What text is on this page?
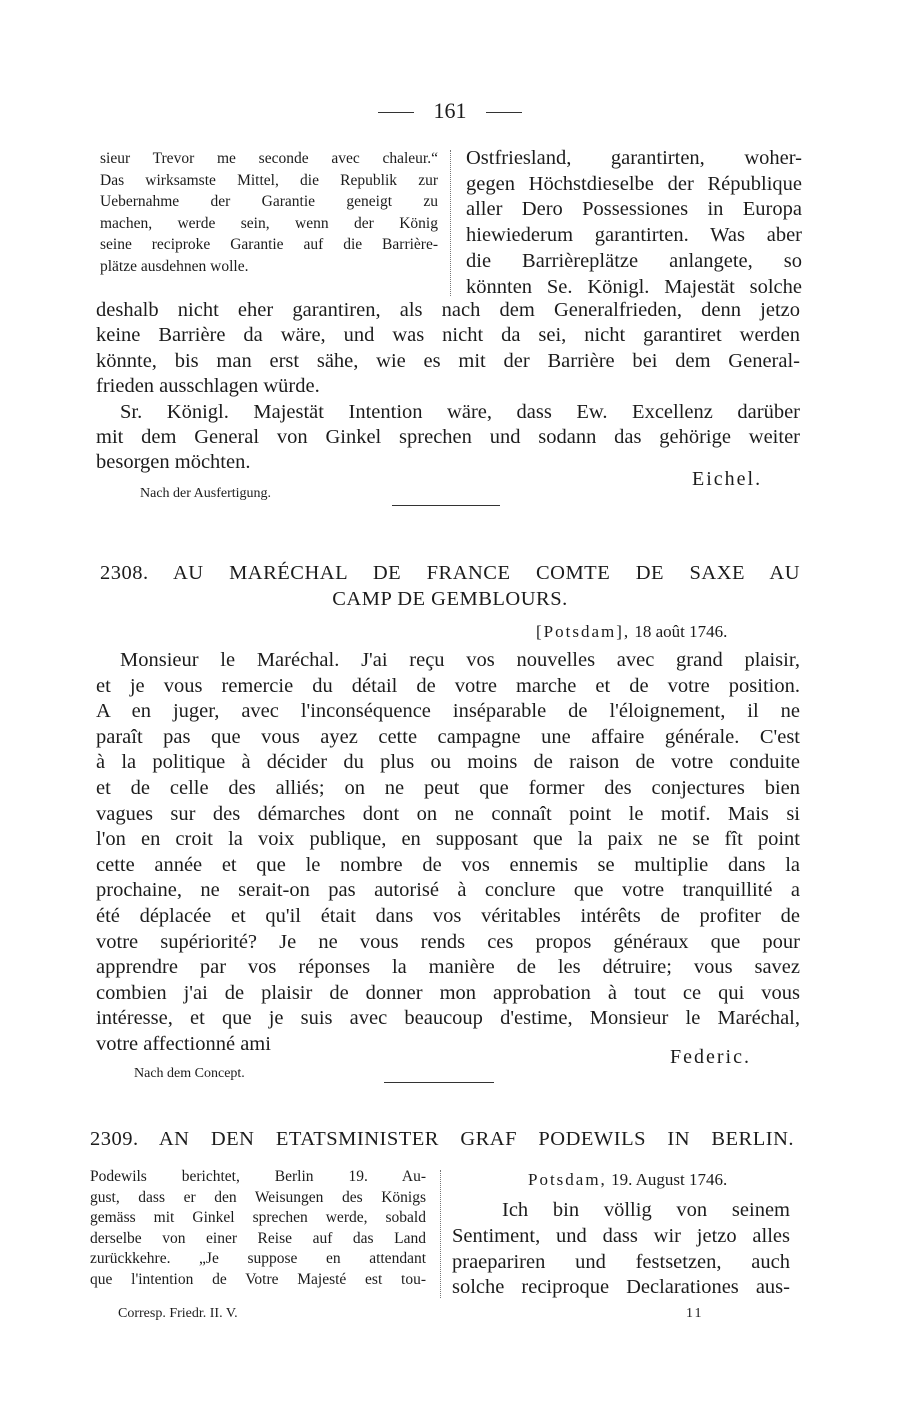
161
sieur Trevor me seconde avec chaleur.“
Das wirksamste Mittel, die Republik zur
Uebernahme der Garantie geneigt zu
machen, werde sein, wenn der König
seine reciproke Garantie auf die Barrière-
plätze ausdehnen wolle.
Ostfriesland, garantirten, woher-
gegen Höchstdieselbe der République
aller Dero Possessiones in Europa
hiewiederum garantirten. Was aber
die Barrièreplätze anlangete, so
könnten Se. Königl. Majestät solche
deshalb nicht eher garantiren, als nach dem Generalfrieden, denn jetzo
keine Barrière da wäre, und was nicht da sei, nicht garantiret werden
könnte, bis man erst sähe, wie es mit der Barrière bei dem General-
frieden ausschlagen würde.
Sr. Königl. Majestät Intention wäre, dass Ew. Excellenz darüber
mit dem General von Ginkel sprechen und sodann das gehörige weiter
besorgen möchten.
Eichel.
Nach der Ausfertigung.
2308. AU MARÉCHAL DE FRANCE COMTE DE SAXE AU
CAMP DE GEMBLOURS.
[Potsdam], 18 août 1746.
Monsieur le Maréchal. J'ai reçu vos nouvelles avec grand plaisir,
et je vous remercie du détail de votre marche et de votre position.
A en juger, avec l'inconséquence inséparable de l'éloignement, il ne
paraît pas que vous ayez cette campagne une affaire générale. C'est
à la politique à décider du plus ou moins de raison de votre conduite
et de celle des alliés; on ne peut que former des conjectures bien
vagues sur des démarches dont on ne connaît point le motif. Mais si
l'on en croit la voix publique, en supposant que la paix ne se fît point
cette année et que le nombre de vos ennemis se multiplie dans la
prochaine, ne serait-on pas autorisé à conclure que votre tranquillité a
été déplacée et qu'il était dans vos véritables intérêts de profiter de
votre supériorité? Je ne vous rends ces propos généraux que pour
apprendre par vos réponses la manière de les détruire; vous savez
combien j'ai de plaisir de donner mon approbation à tout ce qui vous
intéresse, et que je suis avec beaucoup d'estime, Monsieur le Maréchal,
votre affectionné ami
Federic.
Nach dem Concept.
2309. AN DEN ETATSMINISTER GRAF PODEWILS IN BERLIN.
Podewils berichtet, Berlin 19. Au-
gust, dass er den Weisungen des Königs
gemäss mit Ginkel sprechen werde, sobald
derselbe von einer Reise auf das Land
zurückkehre. „Je suppose en attendant
que l'intention de Votre Majesté est tou-
Potsdam, 19. August 1746.
Ich bin völlig von seinem
Sentiment, und dass wir jetzo alles
praepariren und festsetzen, auch
solche reciproque Declarationes aus-
Corresp. Friedr. II. V.	11
